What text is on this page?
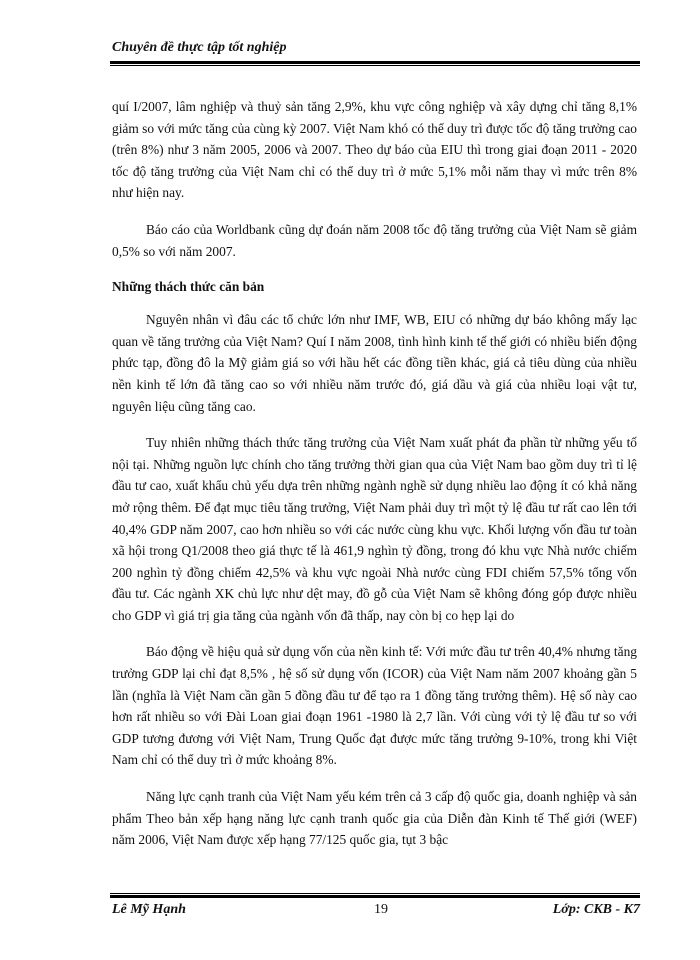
Chuyên đề thực tập tốt nghiệp

quí I/2007, lâm nghiệp và thuỷ sản tăng 2,9%, khu vực công nghiệp và xây dựng chỉ tăng 8,1% giảm so với mức tăng của cùng kỳ 2007. Việt Nam khó có thể duy trì được tốc độ tăng trưởng cao (trên 8%) như 3 năm 2005, 2006 và 2007. Theo dự báo của EIU thì trong giai đoạn 2011 - 2020 tốc độ tăng trưởng của Việt Nam chỉ có thể duy trì ở mức 5,1% mỗi năm thay vì mức trên 8% như hiện nay.

Báo cáo của Worldbank cũng dự đoán năm 2008 tốc độ tăng trưởng của Việt Nam sẽ giảm 0,5% so với năm 2007.

Những thách thức căn bản

Nguyên nhân vì đâu các tổ chức lớn như IMF, WB, EIU có những dự báo không mấy lạc quan về tăng trưởng của Việt Nam? Quí I năm 2008, tình hình kinh tế thế giới có nhiều biến động phức tạp, đồng đô la Mỹ giảm giá so với hầu hết các đồng tiền khác, giá cả tiêu dùng của nhiều nền kinh tế lớn đã tăng cao so với nhiều năm trước đó, giá dầu và giá của nhiều loại vật tư, nguyên liệu cũng tăng cao.

Tuy nhiên những thách thức tăng trưởng của Việt Nam xuất phát đa phần từ những yếu tố nội tại. Những nguồn lực chính cho tăng trưởng thời gian qua của Việt Nam bao gồm duy trì tỉ lệ đầu tư cao, xuất khẩu chủ yếu dựa trên những ngành nghề sử dụng nhiều lao động ít có khả năng mở rộng thêm. Để đạt mục tiêu tăng trưởng, Việt Nam phải duy trì một tỷ lệ đầu tư rất cao lên tới 40,4% GDP năm 2007, cao hơn nhiều so với các nước cùng khu vực. Khối lượng vốn đầu tư toàn xã hội trong Q1/2008 theo giá thực tế là 461,9 nghìn tỷ đồng, trong đó khu vực Nhà nước chiếm 200 nghìn tỷ đồng chiếm 42,5% và khu vực ngoài Nhà nước cùng FDI chiếm 57,5% tổng vốn đầu tư. Các ngành XK chủ lực như dệt may, đồ gỗ của Việt Nam sẽ không đóng góp được nhiều cho GDP vì giá trị gia tăng của ngành vốn đã thấp, nay còn bị co hẹp lại do

Báo động về hiệu quả sử dụng vốn của nền kinh tế: Với mức đầu tư trên 40,4% nhưng tăng trưởng GDP lại chỉ đạt 8,5% , hệ số sử dụng vốn (ICOR) của Việt Nam năm 2007 khoảng gần 5 lần (nghĩa là Việt Nam cần gần 5 đồng đầu tư để tạo ra 1 đồng tăng trưởng thêm). Hệ số này cao hơn rất nhiều so với Đài Loan giai đoạn 1961 -1980 là 2,7 lần. Với cùng với tỷ lệ đầu tư so với GDP tương đương với Việt Nam, Trung Quốc đạt được mức tăng trưởng 9-10%, trong khi Việt Nam chỉ có thể duy trì ở mức khoảng 8%.

Năng lực cạnh tranh của Việt Nam yếu kém trên cả 3 cấp độ quốc gia, doanh nghiệp và sản phẩm Theo bản xếp hạng năng lực cạnh tranh quốc gia của Diễn đàn Kinh tế Thế giới (WEF) năm 2006, Việt Nam được xếp hạng 77/125 quốc gia, tụt 3 bậc

Lê Mỹ Hạnh	19	Lớp: CKB - K7
